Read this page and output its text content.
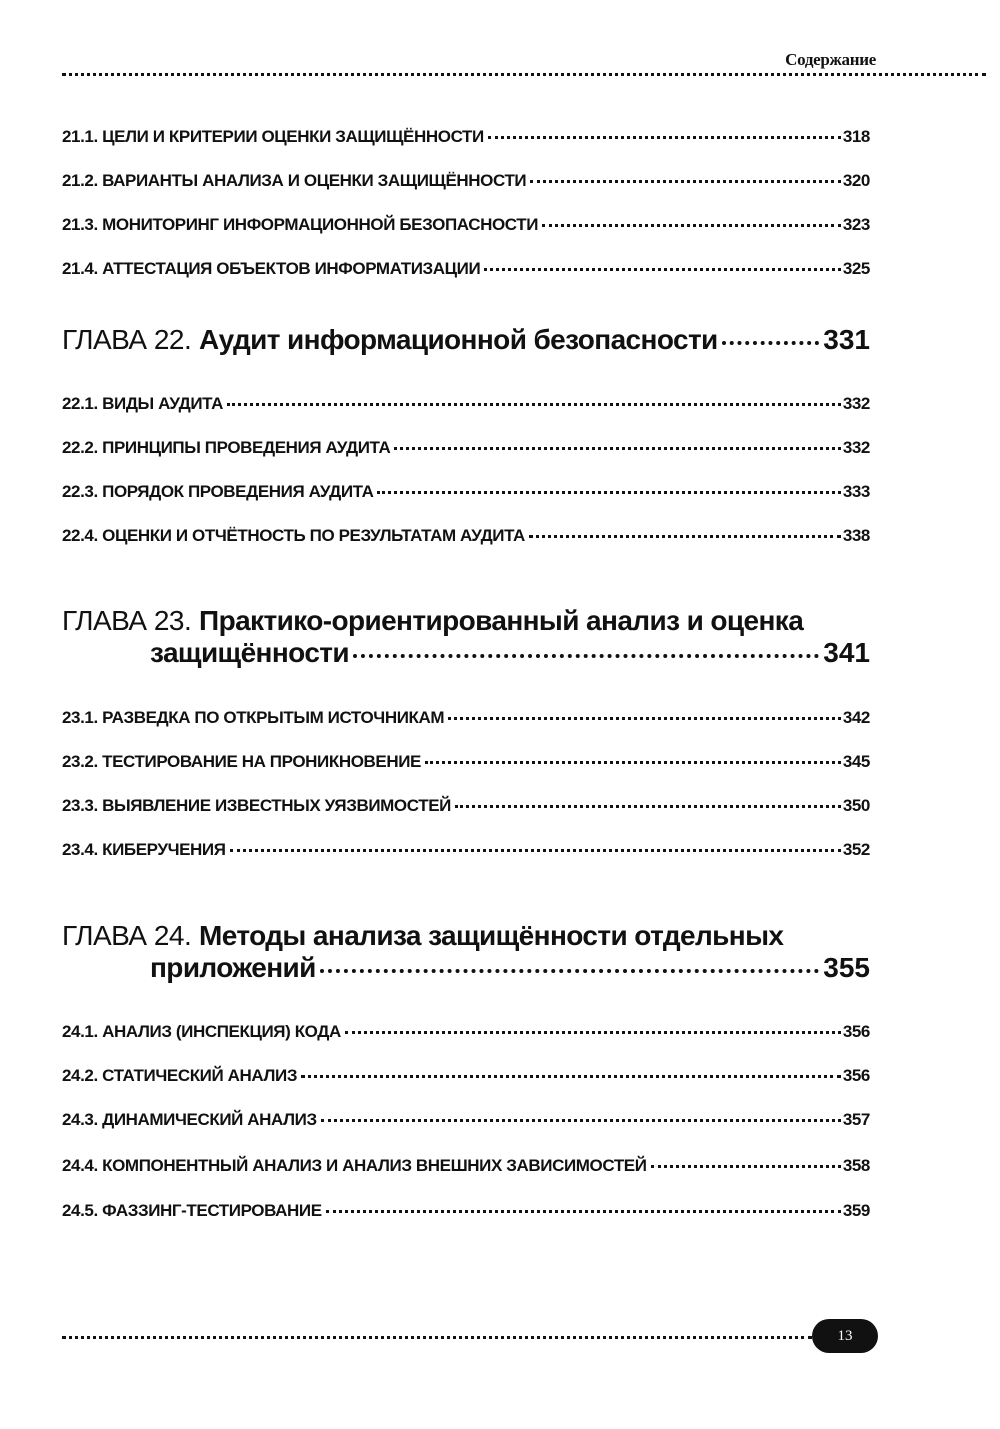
Содержание
21.1. ЦЕЛИ И КРИТЕРИИ ОЦЕНКИ ЗАЩИЩЁННОСТИ	318
21.2. ВАРИАНТЫ АНАЛИЗА И ОЦЕНКИ ЗАЩИЩЁННОСТИ	320
21.3. МОНИТОРИНГ ИНФОРМАЦИОННОЙ БЕЗОПАСНОСТИ	323
21.4. АТТЕСТАЦИЯ ОБЪЕКТОВ ИНФОРМАТИЗАЦИИ	325
ГЛАВА 22.
Аудит информационной безопасности	331
22.1. ВИДЫ АУДИТА	332
22.2. ПРИНЦИПЫ ПРОВЕДЕНИЯ АУДИТА	332
22.3. ПОРЯДОК ПРОВЕДЕНИЯ АУДИТА	333
22.4. ОЦЕНКИ И ОТЧЁТНОСТЬ ПО РЕЗУЛЬТАТАМ АУДИТА	338
ГЛАВА 23. Практико-ориентированный анализ и оценка
защищённости	341
23.1. РАЗВЕДКА ПО ОТКРЫТЫМ ИСТОЧНИКАМ	342
23.2. ТЕСТИРОВАНИЕ НА ПРОНИКНОВЕНИЕ	345
23.3. ВЫЯВЛЕНИЕ ИЗВЕСТНЫХ УЯЗВИМОСТЕЙ	350
23.4. КИБЕРУЧЕНИЯ	352
ГЛАВА 24. Методы анализа защищённости отдельных
приложений	355
24.1. АНАЛИЗ (ИНСПЕКЦИЯ) КОДА	356
24.2. СТАТИЧЕСКИЙ АНАЛИЗ	356
24.3. ДИНАМИЧЕСКИЙ АНАЛИЗ	357
24.4. КОМПОНЕНТНЫЙ АНАЛИЗ И АНАЛИЗ ВНЕШНИХ ЗАВИСИМОСТЕЙ	358
24.5. ФАЗЗИНГ-ТЕСТИРОВАНИЕ	359
13
